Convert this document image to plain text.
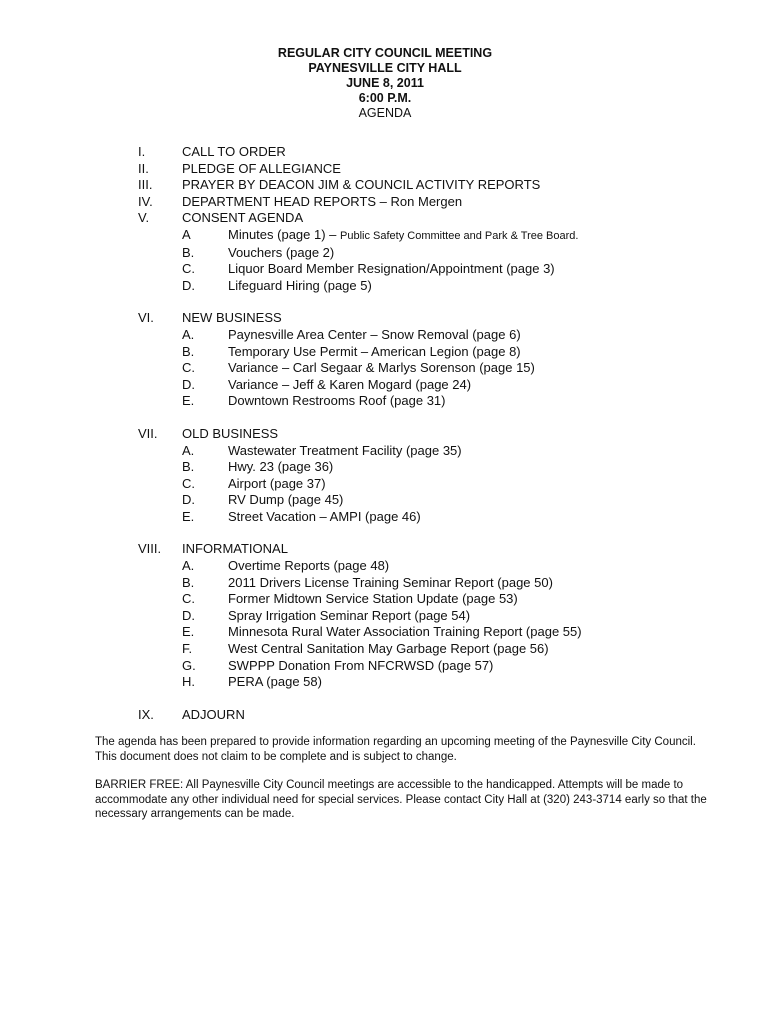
REGULAR CITY COUNCIL MEETING
PAYNESVILLE CITY HALL
JUNE 8, 2011
6:00 P.M.
AGENDA
I.	CALL TO ORDER
II.	PLEDGE OF ALLEGIANCE
III.	PRAYER BY DEACON JIM & COUNCIL ACTIVITY REPORTS
IV.	DEPARTMENT HEAD REPORTS – Ron Mergen
V.	CONSENT AGENDA
A	Minutes (page 1) – Public Safety Committee and Park & Tree Board.
B.	Vouchers (page 2)
C.	Liquor Board Member Resignation/Appointment (page 3)
D.	Lifeguard Hiring (page 5)
VI.	NEW BUSINESS
A.	Paynesville Area Center – Snow Removal (page 6)
B.	Temporary Use Permit – American Legion (page 8)
C.	Variance – Carl Segaar & Marlys Sorenson (page 15)
D.	Variance – Jeff & Karen Mogard (page 24)
E.	Downtown Restrooms Roof (page 31)
VII.	OLD BUSINESS
A.	Wastewater Treatment Facility (page 35)
B.	Hwy. 23 (page 36)
C.	Airport (page 37)
D.	RV Dump (page 45)
E.	Street Vacation – AMPI (page 46)
VIII.	INFORMATIONAL
A.	Overtime Reports (page 48)
B.	2011 Drivers License Training Seminar Report (page 50)
C.	Former Midtown Service Station Update (page 53)
D.	Spray Irrigation Seminar Report (page 54)
E.	Minnesota Rural Water Association Training Report (page 55)
F.	West Central Sanitation May Garbage Report (page 56)
G.	SWPPP Donation From NFCRWSD (page 57)
H.	PERA (page 58)
IX.	ADJOURN

The agenda has been prepared to provide information regarding an upcoming meeting of the Paynesville City Council. This document does not claim to be complete and is subject to change.

BARRIER FREE: All Paynesville City Council meetings are accessible to the handicapped. Attempts will be made to accommodate any other individual need for special services. Please contact City Hall at (320) 243-3714 early so that the necessary arrangements can be made.
